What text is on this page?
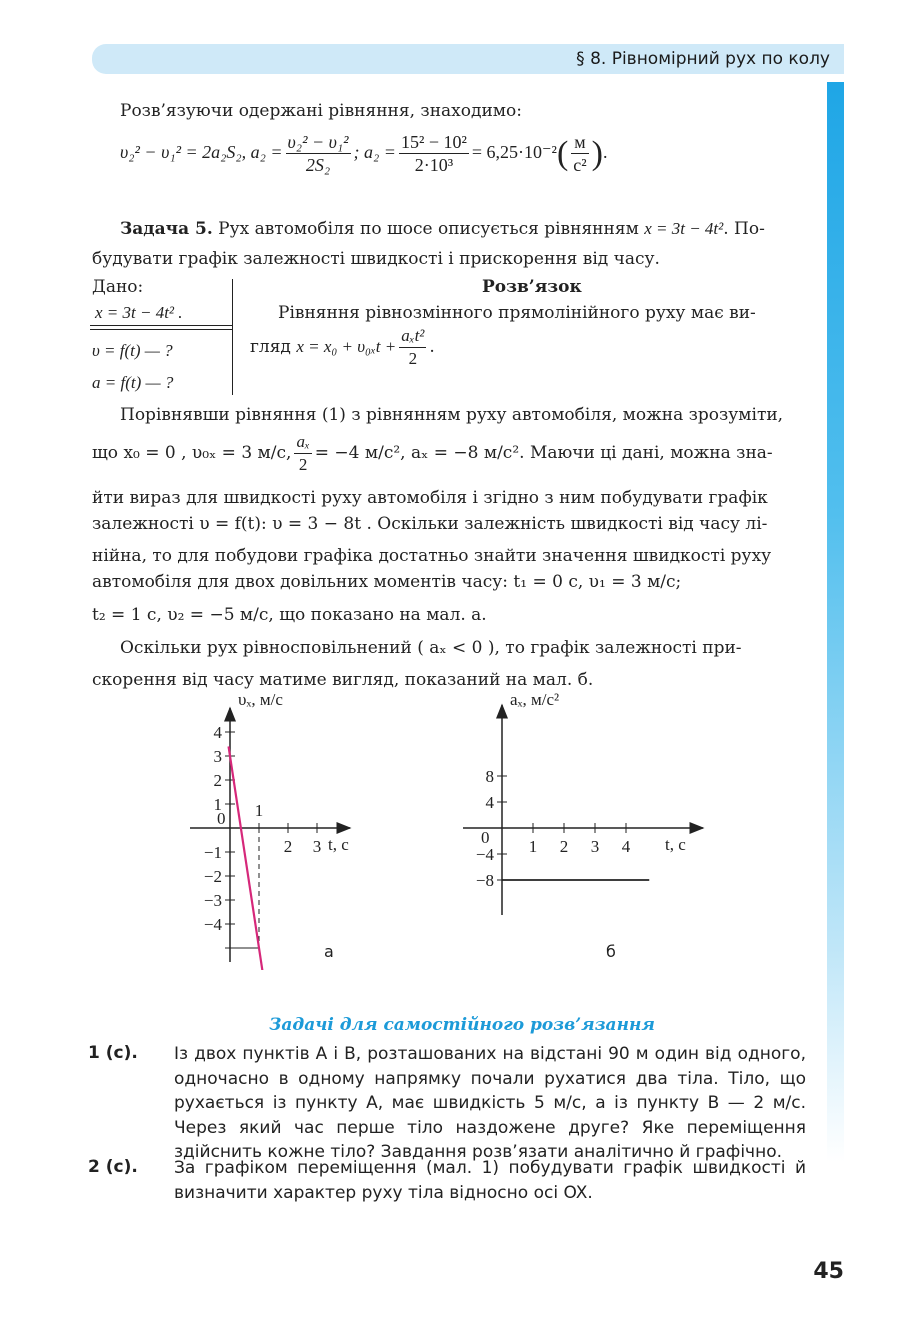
§ 8. Рівномірний рух по колу
Розв’язуючи одержані рівняння, знаходимо:
υ₂² − υ₁² = 2a₂S₂, $a_2 = \frac{\text{υ₂² − υ₁²}}{\text{2S₂}}$ ; $a_2 = \frac{\text{15² − 10²}}{\text{2·10³}} = 6,25\cdot 10^{-2}( \frac{м}{\text{с²}}$ ).
Задача 5. Рух автомобіля по шосе описується рівнянням x = 3t − 4t². По-
будувати графік залежності швидкості і прискорення від часу.
Дано:
x = 3t − 4t² .
υ = f(t) — ?
a = f(t) — ?
Розв’язок
Рівняння рівнозмінного прямолінійного руху має ви-
гляд $x = x_0 + \upsilon_{0x}t + \frac{\text{aₓt²}}{2}$ .
Порівнявши рівняння (1) з рівнянням руху автомобіля, можна зрозуміти,
що x₀ = 0 , υ₀ₓ = 3 м/с, $\frac{\text{aₓ}}{2} = -4$ м/с², aₓ = −8 м/с². Маючи ці дані, можна зна-
йти вираз для швидкості руху автомобіля і згідно з ним побудувати графік
залежності υ = f(t): υ = 3 − 8t . Оскільки залежність швидкості від часу лі-
нійна, то для побудови графіка достатньо знайти значення швидкості руху
автомобіля для двох довільних моментів часу: t₁ = 0 с, υ₁ = 3 м/с;
t₂ = 1 с, υ₂ = −5 м/с, що показано на мал. а.
Оскільки рух рівносповільнений ( aₓ < 0 ), то графік залежності при-
скорення від часу матиме вигляд, показаний на мал. б.
4
3
2
1
−1
−2
−3
−4
1
2 3
υₓ, м/с
t, с
0
а
8
4
−4
−8
1 2 3 4
aₓ, м/с²
t, с
0
б
Задачі для самостійного розв’язання
1 (с). Із двох пунктів A і B, розташованих на відстані 90 м один від одного, одночасно в одному напрямку почали рухатися два тіла. Тіло, що рухається із пункту A, має швидкість 5 м/с, а із пункту B — 2 м/с. Через який час перше тіло наздожене друге? Яке переміщення здійснить кожне тіло? Завдання розв’язати аналітично й графічно.
2 (с). За графіком переміщення (мал. 1) побудувати графік швидкості й визначити характер руху тіла відносно осі OX.
45
